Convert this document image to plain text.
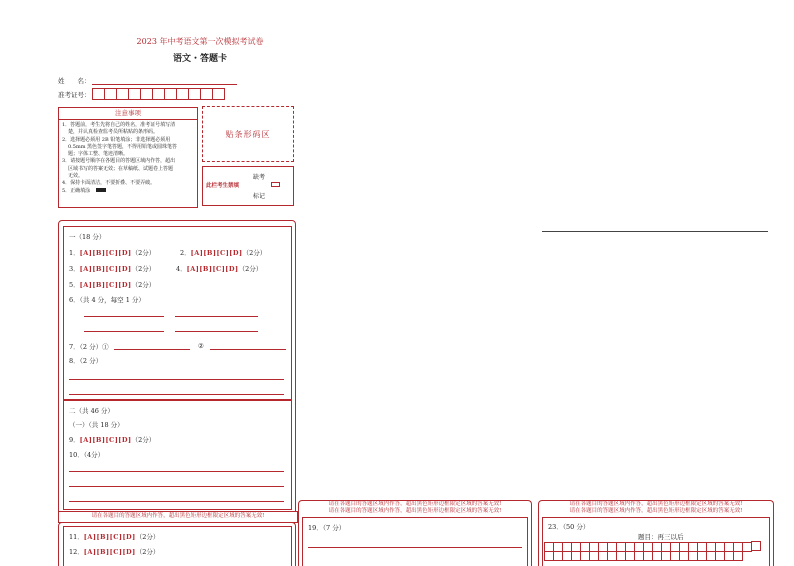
2023 年中考语文第一次模拟考试卷
语文・答题卡
姓　　名：
准考证号：
注意事项
1．答题前，考生先将自己的姓名，准考证号填写清
楚，并认真检查监考员所粘贴的条形码。
2．选择题必须用 2B 铅笔填涂；非选择题必须用
0.5mm 黑色签字笔答题，不得用铅笔或圆珠笔答
题；字体工整、笔迹清晰。
3．请按题号顺序在各题目的答题区域内作答，超出
区域书写的答案无效；在草稿纸、试题卷上答题
无效。
4．保持卡面清洁，不要折叠、不要弄破。
5．正确填涂
贴条形码区
此栏考生禁填
缺考
标记
一（18 分）
1．[A][B][C][D]（2分）	2．[A][B][C][D]（2分）
3．[A][B][C][D]（2分）	4．[A][B][C][D]（2分）
5．[A][B][C][D]（2分）
6．（共 4 分，每空 1 分）
7．（2 分）①	②
8．（2 分）
二（共 46 分）
（一）（共 18 分）
9．[A][B][C][D]（2分）
10．（4分）
请在各题目的答题区域内作答，超出黑色矩形边框限定区域的答案无效!
11．[A][B][C][D]（2分）
12．[A][B][C][D]（2分）
请在各题目的答题区域内作答，超出黑色矩形边框限定区域的答案无效!
请在各题目的答题区域内作答，超出黑色矩形边框限定区域的答案无效!
19．（7 分）
请在各题目的答题区域内作答，超出黑色矩形边框限定区域的答案无效!
请在各题目的答题区域内作答，超出黑色矩形边框限定区域的答案无效!
23．（50 分）
题目：再三以后
